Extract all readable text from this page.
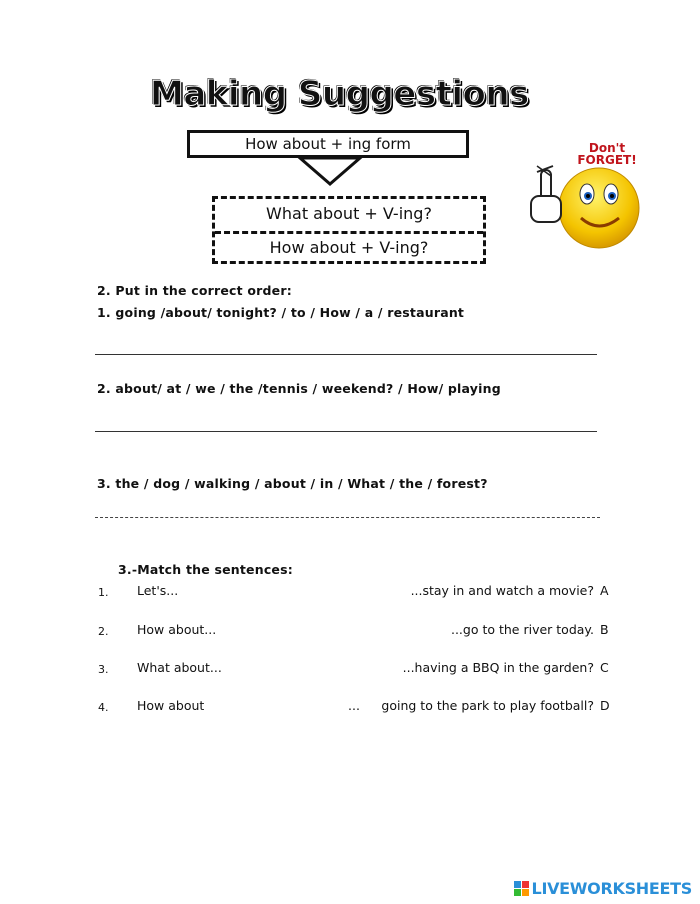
Making Suggestions
How about + ing form
What about + V-ing?
How about + V-ing?
Don't
FORGET!
2. Put in the correct order:
1. going /about/ tonight? / to / How / a / restaurant
2. about/ at / we / the /tennis / weekend? / How/ playing
3. the / dog / walking / about / in / What / the / forest?
3.-Match the sentences:
1. Let's...	...stay in and watch a movie? A
2. How about...	...go to the river today. B
3. What about...	...having a BBQ in the garden? C
4. How about	... going to the park to play football? D
LIVEWORKSHEETS
